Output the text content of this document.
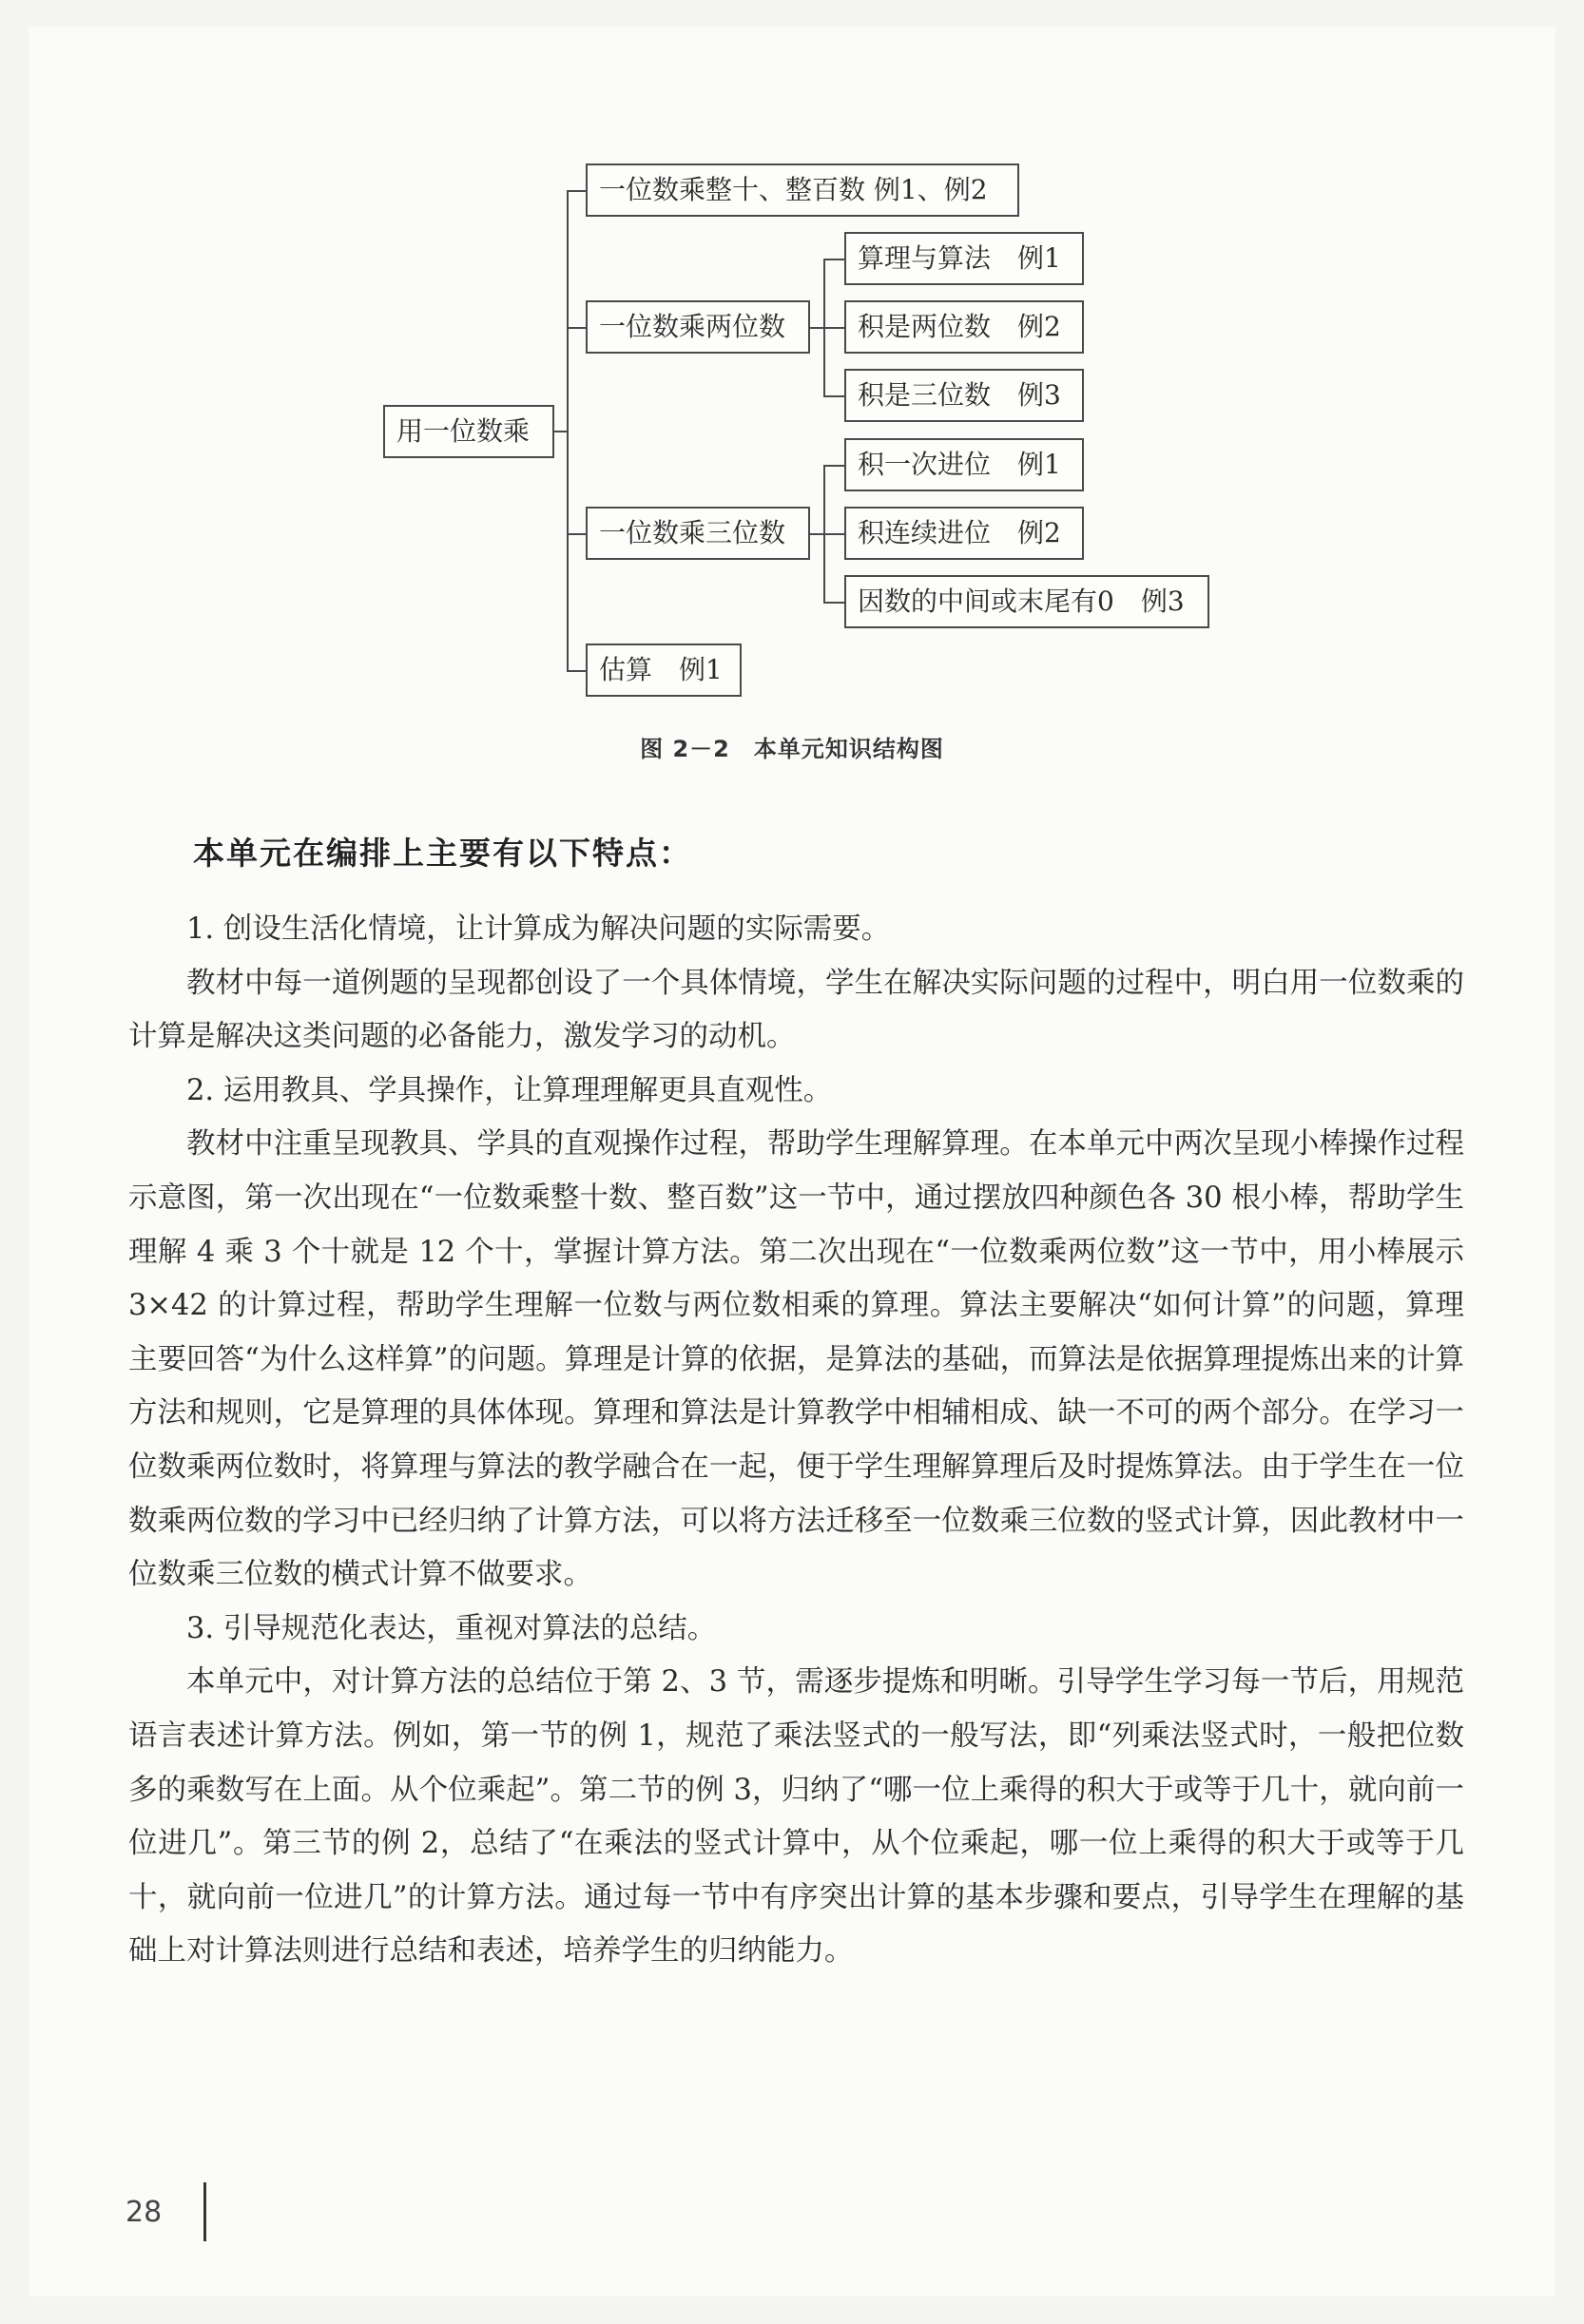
用一位数乘
一位数乘整十、整百数 例1、例2
一位数乘两位数
一位数乘三位数
估算　例1
算理与算法　例1
积是两位数　例2
积是三位数　例3
积一次进位　例1
积连续进位　例2
因数的中间或末尾有0　例3
图 2－2　本单元知识结构图
本单元在编排上主要有以下特点：

1. 创设生活化情境，让计算成为解决问题的实际需要。

教材中每一道例题的呈现都创设了一个具体情境，学生在解决实际问题的过程中，明白用一位数乘的计算是解决这类问题的必备能力，激发学习的动机。

2. 运用教具、学具操作，让算理理解更具直观性。

教材中注重呈现教具、学具的直观操作过程，帮助学生理解算理。在本单元中两次呈现小棒操作过程示意图，第一次出现在“一位数乘整十数、整百数”这一节中，通过摆放四种颜色各 30 根小棒，帮助学生理解 4 乘 3 个十就是 12 个十，掌握计算方法。第二次出现在“一位数乘两位数”这一节中，用小棒展示 3×42 的计算过程，帮助学生理解一位数与两位数相乘的算理。算法主要解决“如何计算”的问题，算理主要回答“为什么这样算”的问题。算理是计算的依据，是算法的基础，而算法是依据算理提炼出来的计算方法和规则，它是算理的具体体现。算理和算法是计算教学中相辅相成、缺一不可的两个部分。在学习一位数乘两位数时，将算理与算法的教学融合在一起，便于学生理解算理后及时提炼算法。由于学生在一位数乘两位数的学习中已经归纳了计算方法，可以将方法迁移至一位数乘三位数的竖式计算，因此教材中一位数乘三位数的横式计算不做要求。

3. 引导规范化表达，重视对算法的总结。

本单元中，对计算方法的总结位于第 2、3 节，需逐步提炼和明晰。引导学生学习每一节后，用规范语言表述计算方法。例如，第一节的例 1，规范了乘法竖式的一般写法，即“列乘法竖式时，一般把位数多的乘数写在上面。从个位乘起”。第二节的例 3，归纳了“哪一位上乘得的积大于或等于几十，就向前一位进几”。第三节的例 2，总结了“在乘法的竖式计算中，从个位乘起，哪一位上乘得的积大于或等于几十，就向前一位进几”的计算方法。通过每一节中有序突出计算的基本步骤和要点，引导学生在理解的基础上对计算法则进行总结和表述，培养学生的归纳能力。

28
